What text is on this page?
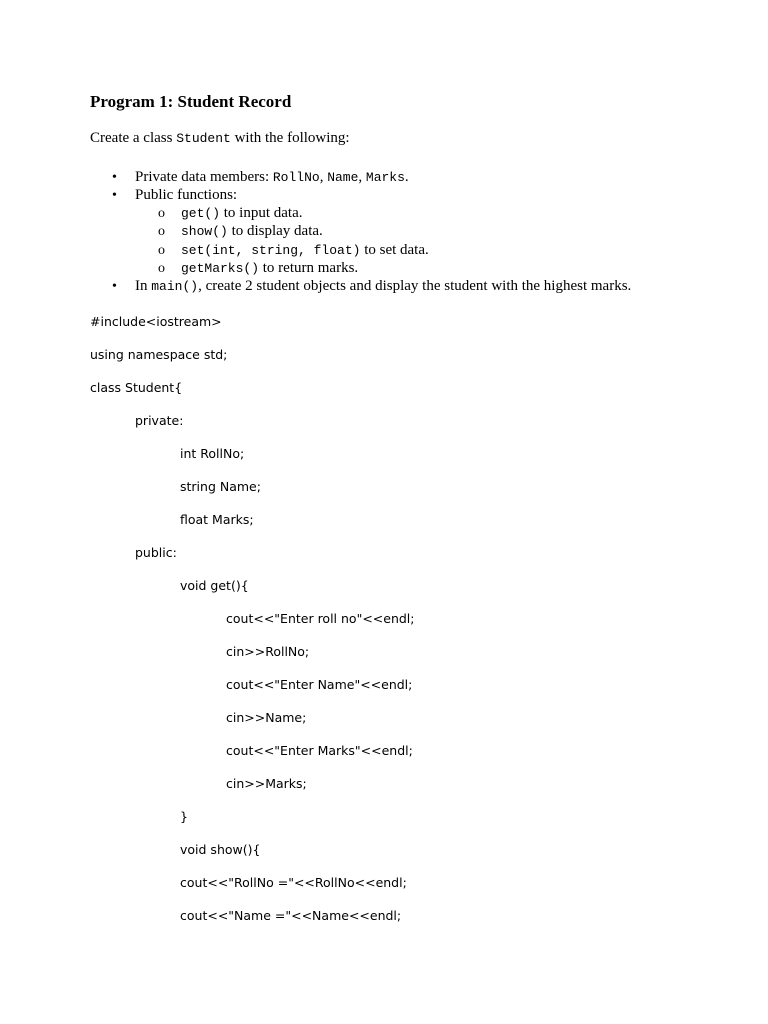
Program 1: Student Record
Create a class Student with the following:
• Private data members: RollNo, Name, Marks.
• Public functions:
o get() to input data.
o show() to display data.
o set(int, string, float) to set data.
o getMarks() to return marks.
• In main(), create 2 student objects and display the student with the highest marks.
#include<iostream>
using namespace std;
class Student{
private:
int RollNo;
string Name;
float Marks;
public:
void get(){
cout<<"Enter roll no"<<endl;
cin>>RollNo;
cout<<"Enter Name"<<endl;
cin>>Name;
cout<<"Enter Marks"<<endl;
cin>>Marks;
}
void show(){
cout<<"RollNo ="<<RollNo<<endl;
cout<<"Name ="<<Name<<endl;
